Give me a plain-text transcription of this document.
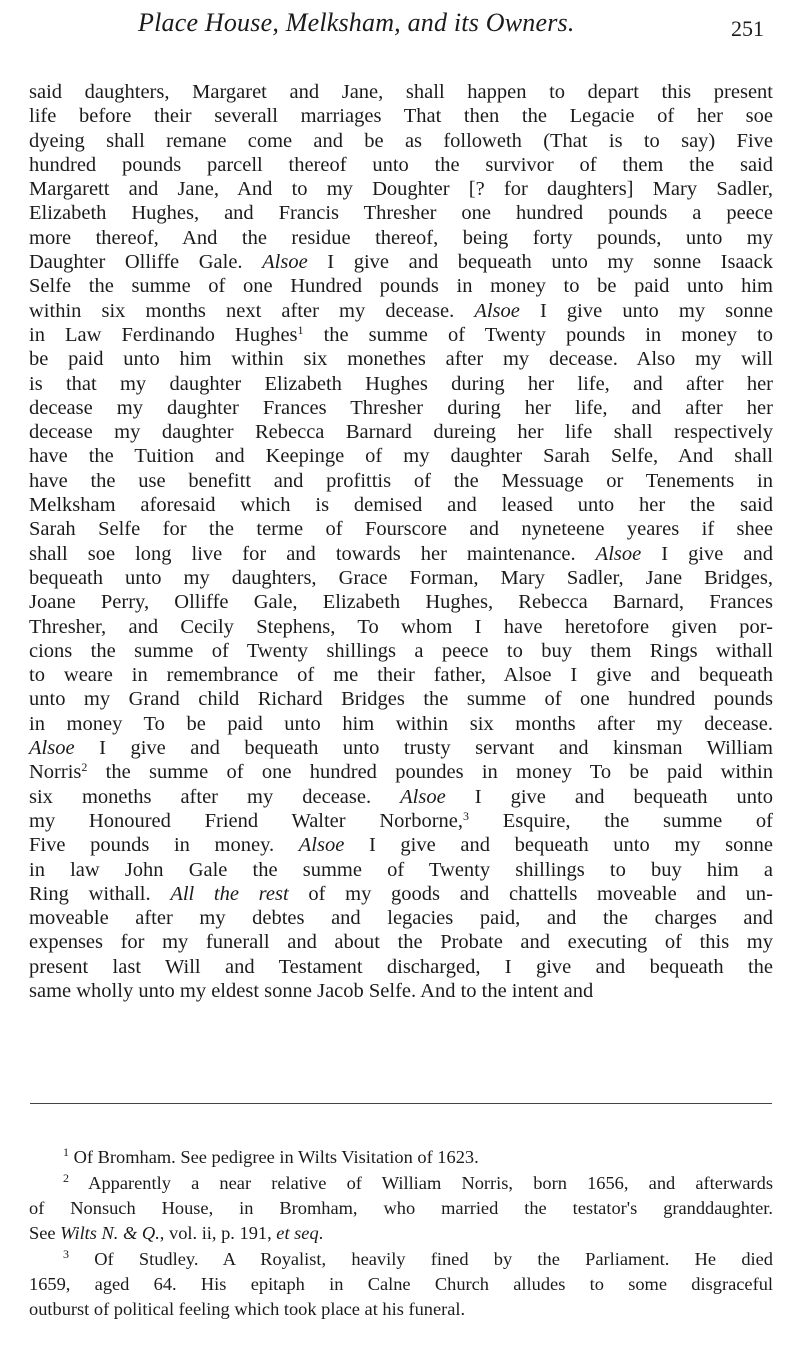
Place House, Melksham, and its Owners.	251
said daughters, Margaret and Jane, shall happen to depart this present
life before their severall marriages That then the Legacie of her soe
dyeing shall remane come and be as followeth (That is to say) Five
hundred pounds parcell thereof unto the survivor of them the said
Margarett and Jane, And to my Doughter [? for daughters] Mary Sadler,
Elizabeth Hughes, and Francis Thresher one hundred pounds a peece
more thereof, And the residue thereof, being forty pounds, unto my
Daughter Olliffe Gale. Alsoe I give and bequeath unto my sonne Isaack
Selfe the summe of one Hundred pounds in money to be paid unto him
within six months next after my decease. Alsoe I give unto my sonne
in Law Ferdinando Hughes$^1$ the summe of Twenty pounds in money to
be paid unto him within six monethes after my decease. Also my will
is that my daughter Elizabeth Hughes during her life, and after her
decease my daughter Frances Thresher during her life, and after her
decease my daughter Rebecca Barnard dureing her life shall respectively
have the Tuition and Keepinge of my daughter Sarah Selfe, And shall
have the use benefitt and profittis of the Messuage or Tenements in
Melksham aforesaid which is demised and leased unto her the said
Sarah Selfe for the terme of Fourscore and nyneteene yeares if shee
shall soe long live for and towards her maintenance. Alsoe I give and
bequeath unto my daughters, Grace Forman, Mary Sadler, Jane Bridges,
Joane Perry, Olliffe Gale, Elizabeth Hughes, Rebecca Barnard, Frances
Thresher, and Cecily Stephens, To whom I have heretofore given por-
cions the summe of Twenty shillings a peece to buy them Rings withall
to weare in remembrance of me their father, Alsoe I give and bequeath
unto my Grand child Richard Bridges the summe of one hundred pounds
in money To be paid unto him within six months after my decease.
Alsoe I give and bequeath unto trusty servant and kinsman William
Norris$^2$ the summe of one hundred poundes in money To be paid within
six moneths after my decease. Alsoe I give and bequeath unto
my Honoured Friend Walter Norborne,$^3$ Esquire, the summe of
Five pounds in money. Alsoe I give and bequeath unto my sonne
in law John Gale the summe of Twenty shillings to buy him a
Ring withall. All the rest of my goods and chattells moveable and un-
moveable after my debtes and legacies paid, and the charges and
expenses for my funerall and about the Probate and executing of this my
present last Will and Testament discharged, I give and bequeath the
same wholly unto my eldest sonne Jacob Selfe. And to the intent and
$^1$ Of Bromham. See pedigree in Wilts Visitation of 1623.
$^2$ Apparently a near relative of William Norris, born 1656, and afterwards
of Nonsuch House, in Bromham, who married the testator's granddaughter.
See Wilts N. & Q., vol. ii, p. 191, et seq.
$^3$ Of Studley. A Royalist, heavily fined by the Parliament. He died
1659, aged 64. His epitaph in Calne Church alludes to some disgraceful
outburst of political feeling which took place at his funeral.
